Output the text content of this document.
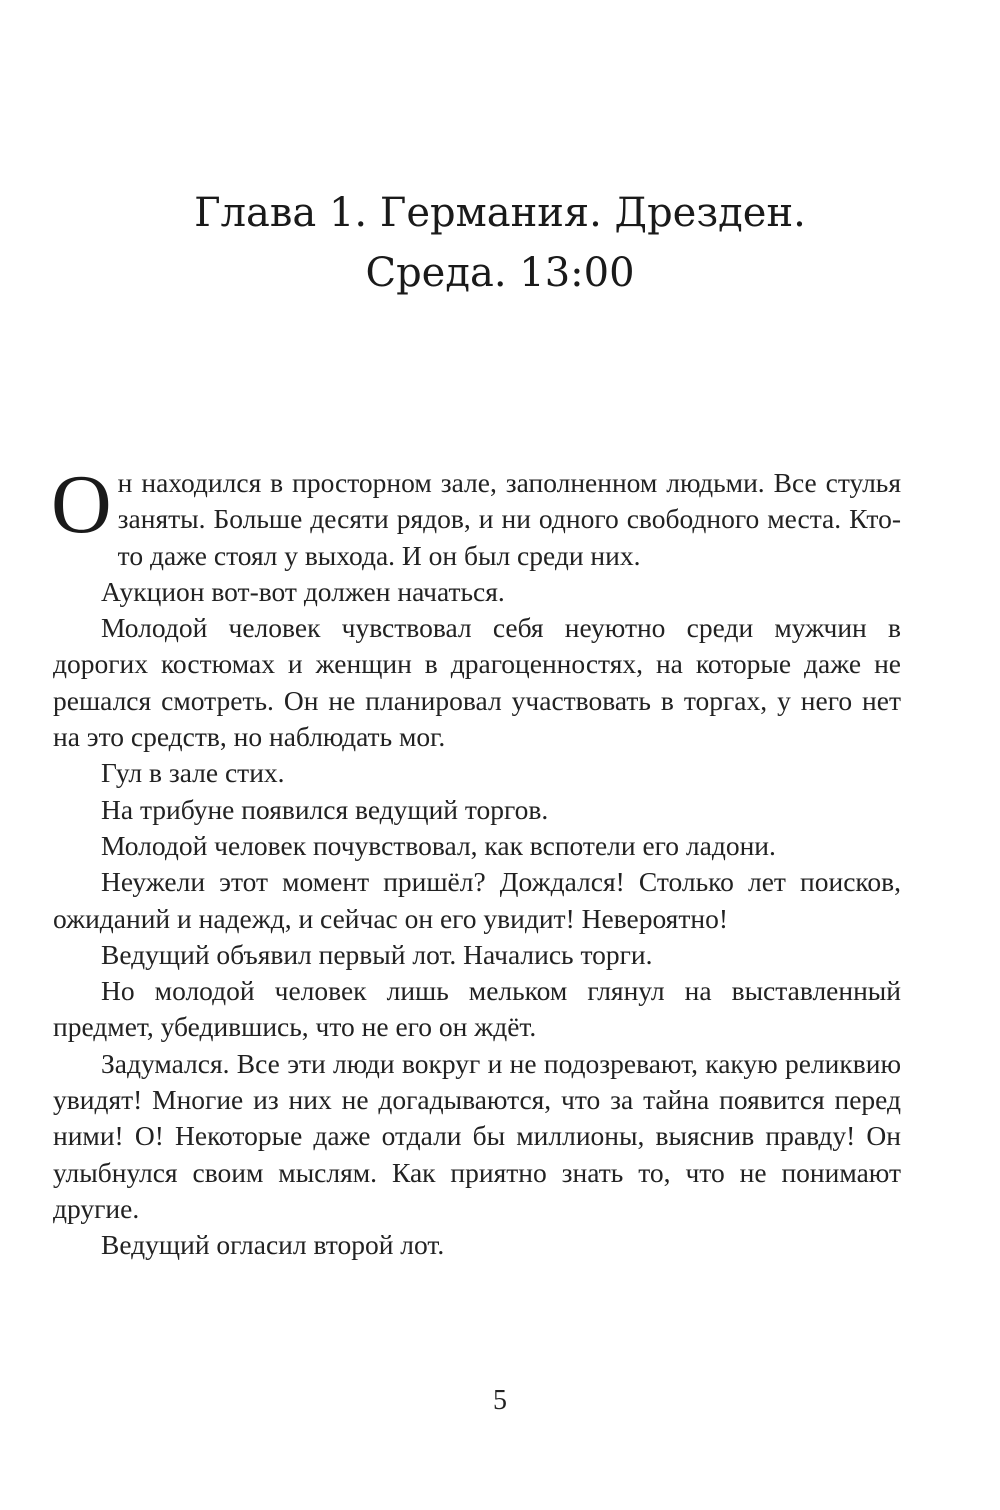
Глава 1. Германия. Дрезден.
Среда. 13:00

Он находился в просторном зале, заполненном людьми. Все стулья заняты. Больше десяти рядов, и ни одного свободного места. Кто-то даже стоял у выхода. И он был среди них.

Аукцион вот-вот должен начаться.

Молодой человек чувствовал себя неуютно среди мужчин в дорогих костюмах и женщин в драгоценностях, на которые даже не решался смотреть. Он не планировал участвовать в торгах, у него нет на это средств, но наблюдать мог.

Гул в зале стих.

На трибуне появился ведущий торгов.

Молодой человек почувствовал, как вспотели его ладони.

Неужели этот момент пришёл? Дождался! Столько лет поисков, ожиданий и надежд, и сейчас он его увидит! Невероятно!

Ведущий объявил первый лот. Начались торги.

Но молодой человек лишь мельком глянул на выставленный предмет, убедившись, что не его он ждёт.

Задумался. Все эти люди вокруг и не подозревают, какую реликвию увидят! Многие из них не догадываются, что за тайна появится перед ними! О! Некоторые даже отдали бы миллионы, выяснив правду! Он улыбнулся своим мыслям. Как приятно знать то, что не понимают другие.

Ведущий огласил второй лот.

5
